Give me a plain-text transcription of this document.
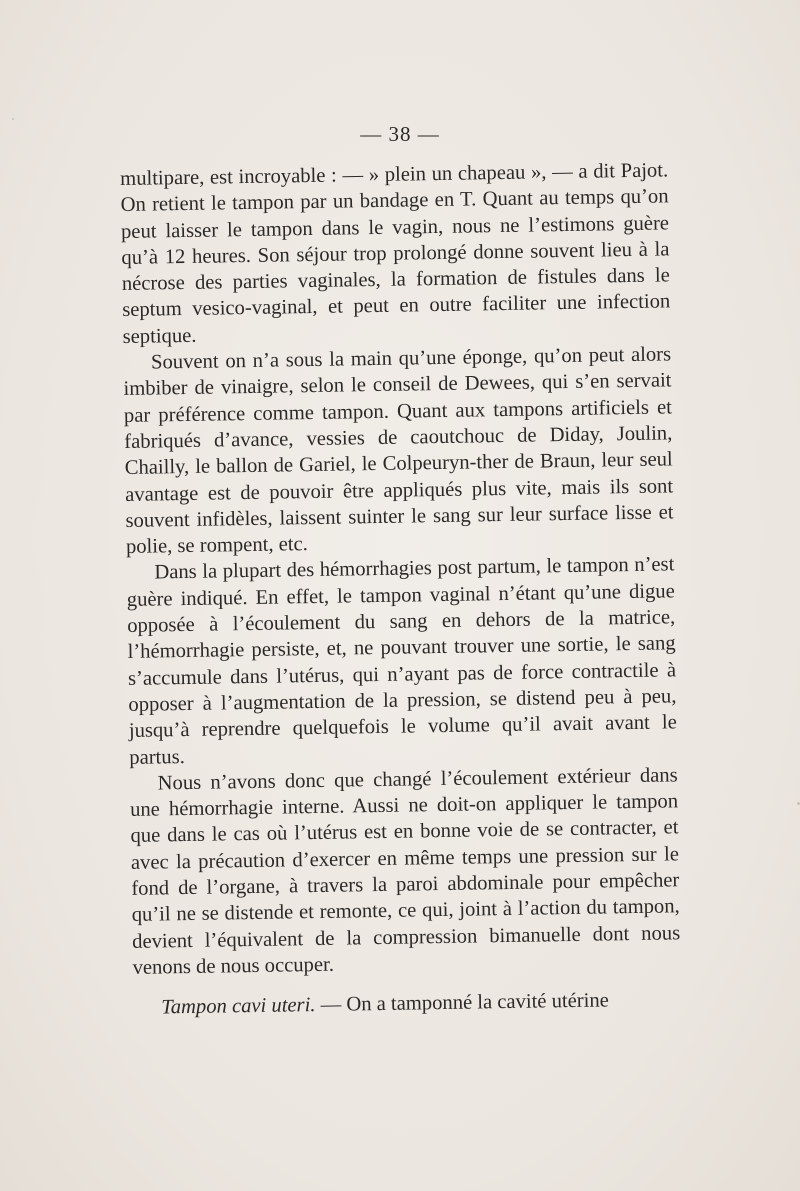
— 38 —

multipare, est incroyable : — » plein un chapeau », — a dit Pajot. On retient le tampon par un bandage en T. Quant au temps qu’on peut laisser le tampon dans le vagin, nous ne l’estimons guère qu’à 12 heures. Son séjour trop prolongé donne souvent lieu à la nécrose des parties vaginales, la formation de fistules dans le septum vesico-vaginal, et peut en outre faciliter une infection septique.

Souvent on n’a sous la main qu’une éponge, qu’on peut alors imbiber de vinaigre, selon le conseil de Dewees, qui s’en servait par préférence comme tampon. Quant aux tampons artificiels et fabriqués d’avance, vessies de caoutchouc de Diday, Joulin, Chailly, le ballon de Gariel, le Colpeuryn-ther de Braun, leur seul avantage est de pouvoir être appliqués plus vite, mais ils sont souvent infidèles, laissent suinter le sang sur leur surface lisse et polie, se rompent, etc.

Dans la plupart des hémorrhagies post partum, le tampon n’est guère indiqué. En effet, le tampon vaginal n’étant qu’une digue opposée à l’écoulement du sang en dehors de la matrice, l’hémorrhagie persiste, et, ne pouvant trouver une sortie, le sang s’accumule dans l’utérus, qui n’ayant pas de force contractile à opposer à l’augmentation de la pression, se distend peu à peu, jusqu’à reprendre quelquefois le volume qu’il avait avant le partus.

Nous n’avons donc que changé l’écoulement extérieur dans une hémorrhagie interne. Aussi ne doit-on appliquer le tampon que dans le cas où l’utérus est en bonne voie de se contracter, et avec la précaution d’exercer en même temps une pression sur le fond de l’organe, à travers la paroi abdominale pour empêcher qu’il ne se distende et remonte, ce qui, joint à l’action du tampon, devient l’équivalent de la compression bimanuelle dont nous venons de nous occuper.

Tampon cavi uteri. — On a tamponné la cavité utérine
